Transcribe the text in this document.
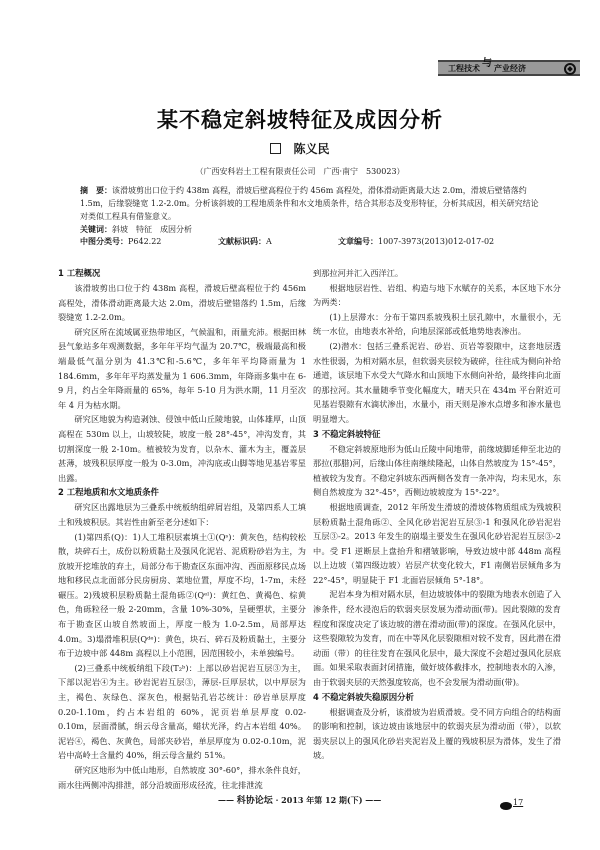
工程技术 与 产业经济
某不稳定斜坡特征及成因分析
陈义民
（广西安科岩土工程有限责任公司　广西·南宁　530023）
摘　要：该滑坡剪出口位于约 438m 高程，滑坡后壁高程位于约 456m 高程处，滑体滑动距离最大达 2.0m，滑坡后壁错落约 1.5m，后缘裂缝宽 1.2-2.0m。分析该斜坡的工程地质条件和水文地质条件，结合其形态及变形特征，分析其成因，相关研究结论对类似工程具有借鉴意义。
关键词：斜坡　特征　成因分析
中图分类号：P642.22	文献标识码：A	文章编号：1007-3973(2013)012-017-02
1 工程概况

该滑坡剪出口位于约 438m 高程，滑坡后壁高程位于约 456m 高程处，滑体滑动距离最大达 2.0m，滑坡后壁错落约 1.5m，后缘裂缝宽 1.2-2.0m。

研究区所在流域属亚热带地区，气候温和，雨量充沛。根据田林县气象站多年观测数据，多年年平均气温为 20.7℃，极端最高和极端最低气温分别为 41.3℃和-5.6℃，多年年平均降雨量为 1 184.6mm，多年年平均蒸发量为 1 606.3mm，年降雨多集中在 6-9 月，约占全年降雨量的 65%，每年 5-10 月为洪水期，11 月至次年 4 月为枯水期。

研究区地貌为构造剥蚀、侵蚀中低山丘陵地貌，山体雄厚，山顶高程在 530m 以上，山坡较陡，坡度一般 28°-45°，冲沟发育，其切割深度一般 2-10m。植被较为发育，以杂木、灌木为主，覆盖层甚薄，坡残积层厚度一般为 0-3.0m，冲沟底或山脚等地见基岩零星出露。

2 工程地质和水文地质条件

研究区出露地层为三叠系中统板纳组碎屑岩组，及第四系人工填土和残坡积层。其岩性由新至老分述如下：

(1)第四系(Q)：1)人工堆积层素填土①(Qˢ)：黄灰色，结构较松散，块碎石土，成份以粉质黏土及强风化泥岩、泥质粉砂岩为主，为放坡开挖堆放的弃土，局部分布于勘查区东面冲沟、西面原移民点场地和移民点北面部分民房厨房、菜地位置，厚度不均，1-7m，未经碾压。2)残坡积层粉质黏土混角砾②(Qᵉˡ)：黄红色、黄褐色、棕黄色，角砾粒径一般 2-20mm，含量 10%-30%，呈硬塑状，主要分布于勘查区山坡自然坡面上，厚度一般为 1.0-2.5m，局部厚达 4.0m。3)塌滑堆积层(Qᵈᵉ)：黄色，块石、碎石及粉质黏土，主要分布于边坡中部 448m 高程以上小范围，因范围较小，未单独编号。

(2)三叠系中统板纳组下段(T₂ᵇ)：上部以砂岩泥岩互层③为主，下部以泥岩④为主。砂岩泥岩互层③，薄层-巨厚层状，以中厚层为主，褐色、灰绿色、深灰色，根据钻孔岩芯统计：砂岩单层厚度 0.20-1.10m，约占本岩组的 60%，泥页岩单层厚度 0.02-0.10m，层面滑腻，绢云母含量高，蜡状光泽，约占本岩组 40%。泥岩④，褐色、灰黄色，局部夹砂岩，单层厚度为 0.02-0.10m，泥岩中高岭土含量约 40%，绢云母含量约 51%。

研究区地形为中低山地形，自然坡度 30°-60°，排水条件良好，雨水往两侧冲沟排泄，部分沿坡面形成径流，往北排泄流

到那拉河并汇入西洋江。

根据地层岩性、岩组、构造与地下水赋存的关系，本区地下水分为两类：

(1)上层滞水：分布于第四系坡残积土层孔隙中，水量很小，无统一水位，由地表水补给，向地层深部或低地势地表渗出。

(2)潜水：包括三叠系泥岩、砂岩、页岩等裂隙中，这套地层透水性很弱，为相对隔水层，但软弱夹层较为破碎，往往成为侧向补给通道，该层地下水受大气降水和山顶地下水侧向补给，最终排向北面的那拉河。其水量随季节变化幅度大，晴天只在 434m 平台附近可见基岩裂隙有水滴状渗出，水量小，雨天则是渗水点增多和渗水量也明显增大。

3 不稳定斜坡特征

不稳定斜坡原地形为低山丘陵中间地带，前缘坡脚延伸至北边的那拉(那腊)河，后缘山体往南继续隆起，山体自然坡度为 15°-45°，植被较为发育。不稳定斜坡东西两侧各发育一条冲沟，均未见水，东侧自然坡度为 32°-45°，西侧边坡坡度为 15°-22°。

根据地质调查，2012 年所发生滑坡的滑坡体物质组成为残坡积层粉质黏土混角砾②、全风化砂岩泥岩互层③-1 和强风化砂岩泥岩互层③-2。2013 年发生的崩塌主要发生在强风化砂岩泥岩互层③-2 中。受 F1 逆断层上盘抬升和褶皱影响，导致边坡中部 448m 高程以上边坡（第四级边坡）岩层产状变化较大，F1 南侧岩层倾角多为 22°-45°，明显陡于 F1 北面岩层倾角 5°-18°。

泥岩本身为相对隔水层，但边坡坡体中的裂隙为地表水创造了入渗条件，经水浸泡后的软弱夹层发展为滑动面(带)。因此裂隙的发育程度和深度决定了该边坡的潜在滑动面(带)的深度。在强风化层中，这些裂隙较为发育，而在中等风化层裂隙相对较不发育，因此潜在滑动面（带）的往往发育在强风化层中，最大深度不会超过强风化层底面。如果采取表面封闭措施，做好坡体截排水，控制地表水的入渗，由于软弱夹层的天然强度较高，也不会发展为滑动面(带)。

4 不稳定斜坡失稳原因分析

根据调查及分析，该滑坡为岩质滑坡。受不同方向组合的结构面的影响和控制，该边坡由该地层中的软弱夹层为滑动面（带），以软弱夹层以上的强风化砂岩夹泥岩及上覆的残坡积层为滑体，发生了滑坡。

—— 科协论坛 · 2013 年第 12 期(下) ——	17
